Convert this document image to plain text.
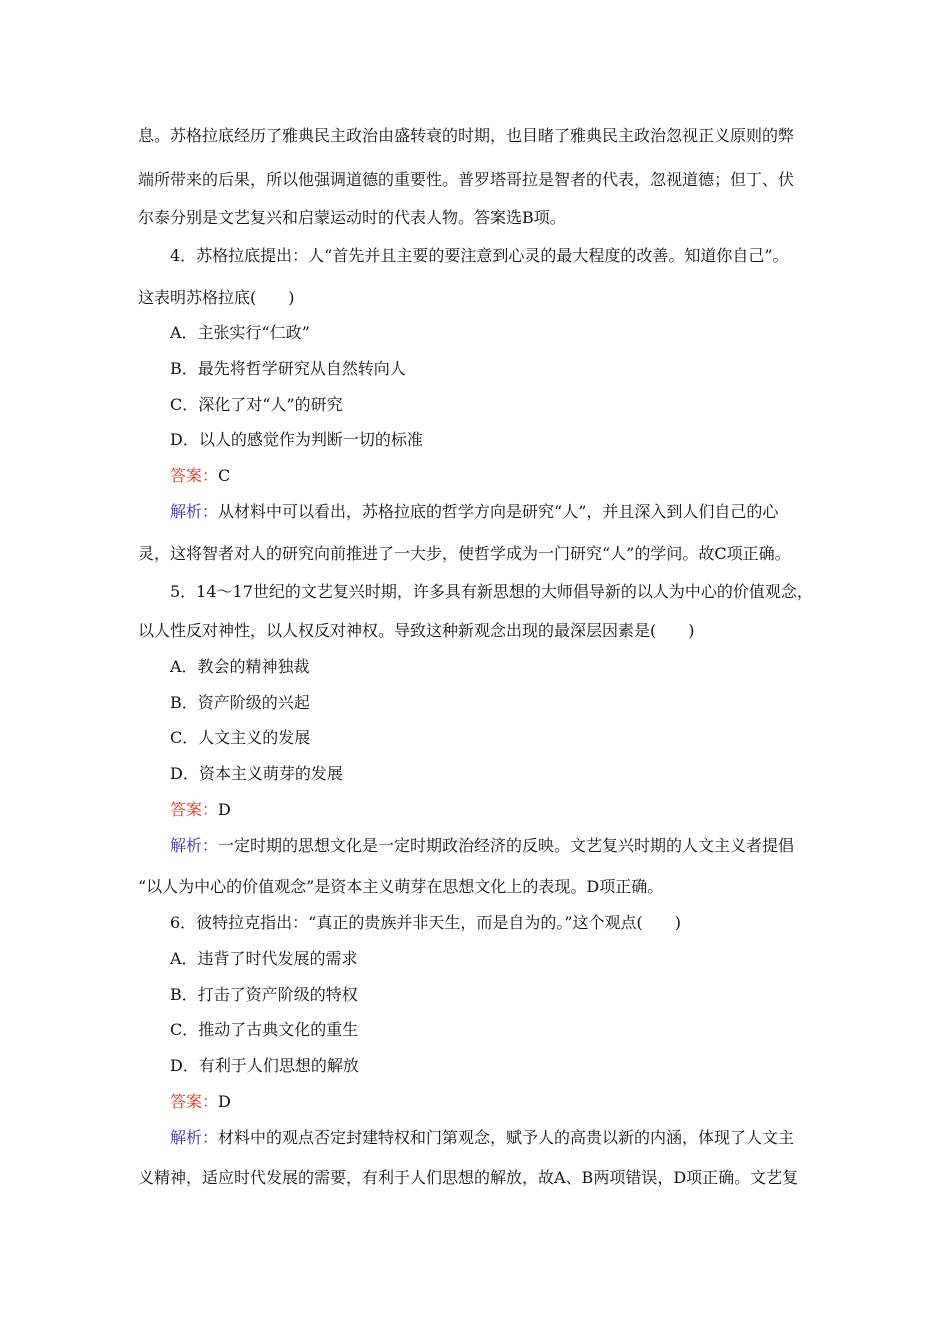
息。苏格拉底经历了雅典民主政治由盛转衰的时期，也目睹了雅典民主政治忽视正义原则的弊
端所带来的后果，所以他强调道德的重要性。普罗塔哥拉是智者的代表，忽视道德；但丁、伏
尔泰分别是文艺复兴和启蒙运动时的代表人物。答案选B项。
4．苏格拉底提出：人“首先并且主要的要注意到心灵的最大程度的改善。知道你自己”。
这表明苏格拉底(　　)
A．主张实行“仁政”
B．最先将哲学研究从自然转向人
C．深化了对“人”的研究
D．以人的感觉作为判断一切的标准
答案：C
解析：从材料中可以看出，苏格拉底的哲学方向是研究“人”，并且深入到人们自己的心
灵，这将智者对人的研究向前推进了一大步，使哲学成为一门研究“人”的学问。故C项正确。
5．14～17世纪的文艺复兴时期，许多具有新思想的大师倡导新的以人为中心的价值观念，
以人性反对神性，以人权反对神权。导致这种新观念出现的最深层因素是(　　)
A．教会的精神独裁
B．资产阶级的兴起
C．人文主义的发展
D．资本主义萌芽的发展
答案：D
解析：一定时期的思想文化是一定时期政治经济的反映。文艺复兴时期的人文主义者提倡
“以人为中心的价值观念”是资本主义萌芽在思想文化上的表现。D项正确。
6．彼特拉克指出：“真正的贵族并非天生，而是自为的。”这个观点(　　)
A．违背了时代发展的需求
B．打击了资产阶级的特权
C．推动了古典文化的重生
D．有利于人们思想的解放
答案：D
解析：材料中的观点否定封建特权和门第观念，赋予人的高贵以新的内涵，体现了人文主
义精神，适应时代发展的需要，有利于人们思想的解放，故A、B两项错误，D项正确。文艺复
